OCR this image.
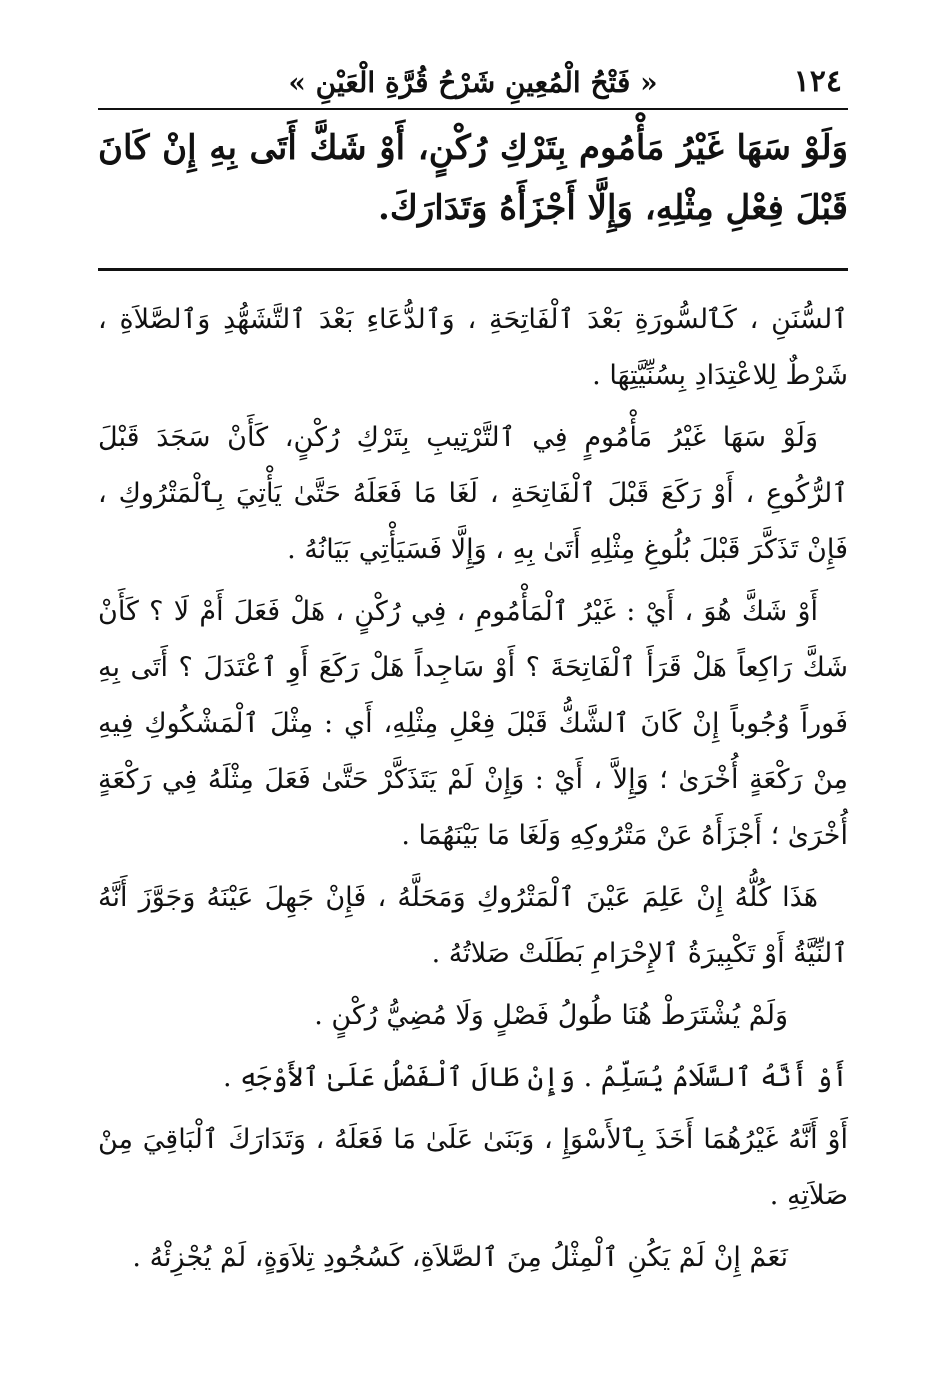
١٢٤
« فَتْحُ الْمُعِينِ شَرْحُ قُرَّةِ الْعَيْنِ »
وَلَوْ سَهَا غَيْرُ مَأْمُوم بِتَرْكِ رُكْنٍ، أَوْ شَكَّ أَتَى بِهِ إِنْ كَانَ قَبْلَ فِعْلِ مِثْلِهِ، وَإِلَّا أَجْزَأَهُ وَتَدَارَكَ.

ٱلسُّنَنِ ، كَٱلسُّورَةِ بَعْدَ ٱلْفَاتِحَةِ ، وَٱلدُّعَاءِ بَعْدَ ٱلتَّشَهُّدِ وَٱلصَّلاَةِ ، شَرْطٌ لِلاعْتِدَادِ بِسُنِّيَّتِهَا .

وَلَوْ سَهَا غَيْرُ مَأْمُومٍ فِي ٱلتَّرْتِيبِ بِتَرْكِ رُكْنٍ، كَأَنْ سَجَدَ قَبْلَ ٱلرُّكُوعِ ، أَوْ رَكَعَ قَبْلَ ٱلْفَاتِحَةِ ، لَغَا مَا فَعَلَهُ حَتَّىٰ يَأْتِيَ بِٱلْمَتْرُوكِ ، فَإِنْ تَذَكَّرَ قَبْلَ بُلُوغِ مِثْلِهِ أَتَىٰ بِهِ ، وَإِلَّا فَسَيَأْتِي بَيَانُهُ .

أَوْ شَكَّ هُوَ ، أَيْ : غَيْرُ ٱلْمَأْمُومِ ، فِي رُكْنٍ ، هَلْ فَعَلَ أَمْ لَا ؟ كَأَنْ شَكَّ رَاكِعاً هَلْ قَرَأَ ٱلْفَاتِحَةَ ؟ أَوْ سَاجِداً هَلْ رَكَعَ أَوِ ٱعْتَدَلَ ؟ أَتَى بِهِ فَوراً وُجُوباً إِنْ كَانَ ٱلشَّكُّ قَبْلَ فِعْلِ مِثْلِهِ، أَي : مِثْلَ ٱلْمَشْكُوكِ فِيهِ مِنْ رَكْعَةٍ أُخْرَىٰ ؛ وَإِلاَّ ، أَيْ : وَإِنْ لَمْ يَتَذَكَّرْ حَتَّىٰ فَعَلَ مِثْلَهُ فِي رَكْعَةٍ أُخْرَىٰ ؛ أَجْزَأَهُ عَنْ مَتْرُوكِهِ وَلَغَا مَا بَيْنَهُمَا .

هَذَا كُلُّهُ إِنْ عَلِمَ عَيْنَ ٱلْمَتْرُوكِ وَمَحَلَّهُ ، فَإِنْ جَهِلَ عَيْنَهُ وَجَوَّزَ أَنَّهُ ٱلنِّيَّةُ أَوْ تَكْبِيرَةُ ٱلإِحْرَامِ بَطَلَتْ صَلاتُهُ .

وَلَمْ يُشْتَرَطْ هُنَا طُولُ فَصْلٍ وَلَا مُضِيُّ رُكْنٍ .

أَوْ أَنَّهُ ٱلسَّلَامُ يُسَلِّمُ . وَإِنْ طَالَ ٱلْفَصْلُ عَلَىٰ ٱلأَوْجَهِ .

أَوْ أَنَّهُ غَيْرُهُمَا أَخَذَ بِٱلأَسْوَإِ ، وَبَنَىٰ عَلَىٰ مَا فَعَلَهُ ، وَتَدَارَكَ ٱلْبَاقِيَ مِنْ صَلاَتِهِ .

نَعَمْ إِنْ لَمْ يَكُنِ ٱلْمِثْلُ مِنَ ٱلصَّلاَةِ، كَسُجُودِ تِلاَوَةٍ، لَمْ يُجْزِئْهُ .
